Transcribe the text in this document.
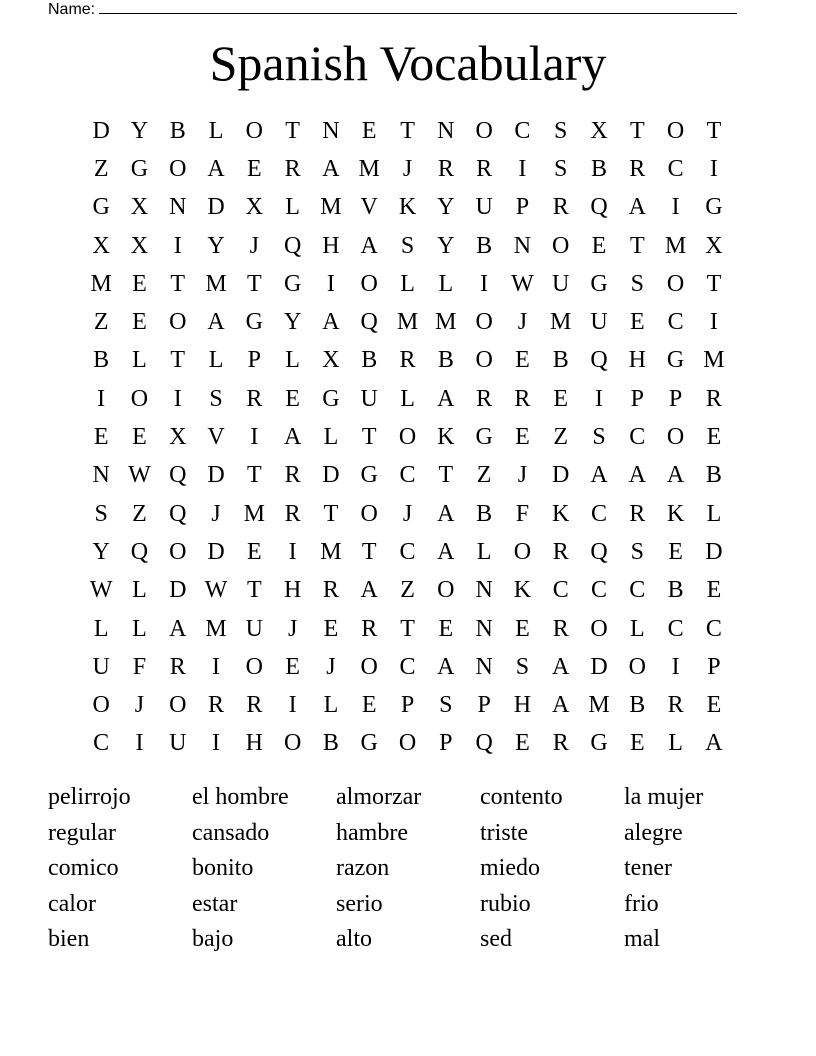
Name:
Spanish Vocabulary
D Y B L O T N E T N O C S X T O T
Z G O A E R A M J	R R	I	S B R C	I
G X N D X L M V K Y U P R Q A	I	G
X X	I	Y	J	Q H A S Y B N O E T M X
M E T M T G	I	O L L	I W U G S O T
Z E O A G Y A Q M M O	J M U E C	I
B L T L	P	L X B R B O E B Q H G M
I	O	I	S R E G U L A R R E	I	P	P R
E E X V	I	A L T O K G E Z	S C O E
N W Q D T R D G C T Z	J	D A A A B
S	Z Q	J M R T O	J	A B F K C R K L
Y Q O D E	I M T C A L O R Q S	E D
W L D W T H R A Z O N K C C C B E
L L A M U	J	E R T E N E R O L C C
U F R	I	O E	J	O C A N S A D O	I	P
O	J	O R R	I	L E	P	S	P H A M B R E
C	I	U	I	H O B G O P Q E R G E L A
pelirrojo	el hombre	almorzar	contento	la mujer
regular	cansado	hambre	triste	alegre
comico	bonito	razon	miedo	tener
calor	estar	serio	rubio	frio
bien	bajo	alto	sed	mal
